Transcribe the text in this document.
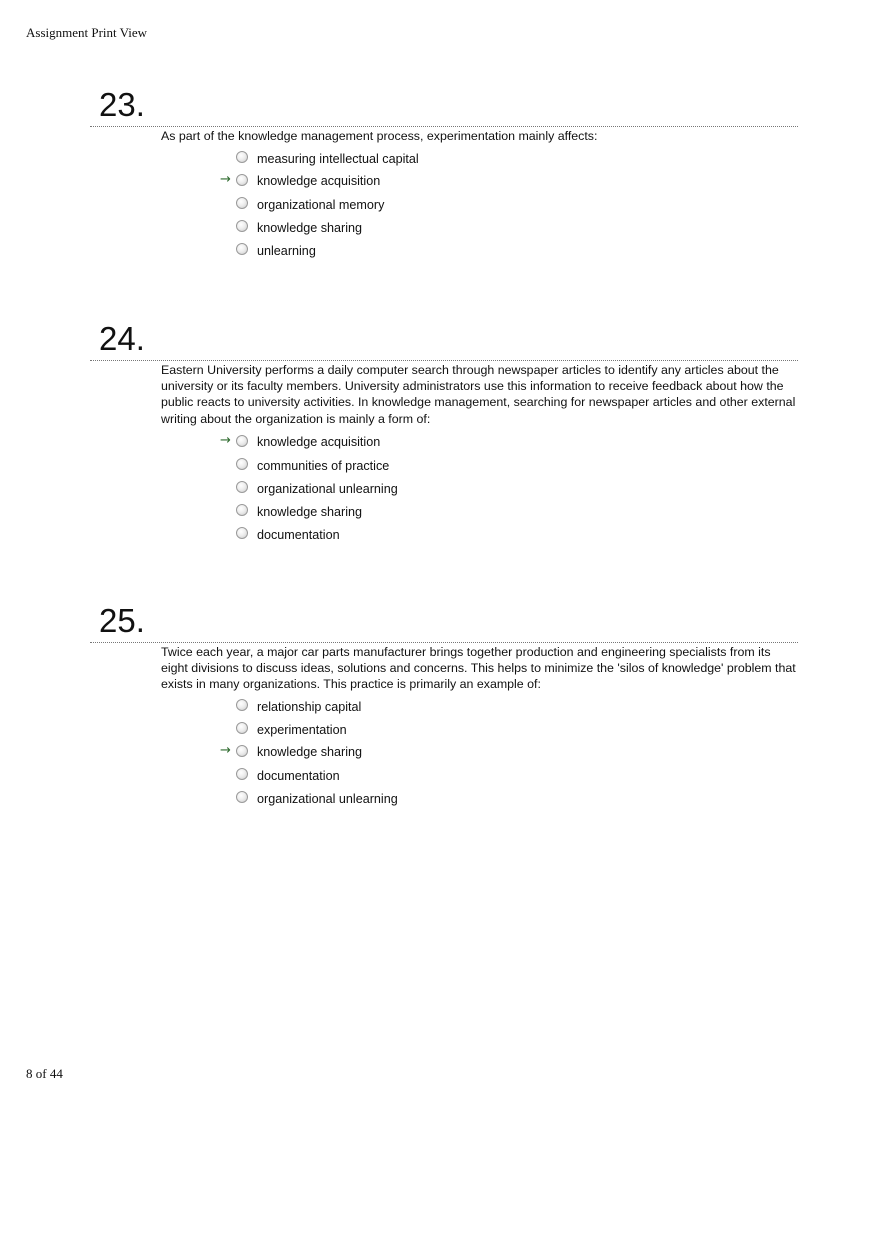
Assignment Print View
23.
As part of the knowledge management process, experimentation mainly affects:
measuring intellectual capital
→ knowledge acquisition
organizational memory
knowledge sharing
unlearning
24.
Eastern University performs a daily computer search through newspaper articles to identify any articles about the university or its faculty members. University administrators use this information to receive feedback about how the public reacts to university activities. In knowledge management, searching for newspaper articles and other external writing about the organization is mainly a form of:
→ knowledge acquisition
communities of practice
organizational unlearning
knowledge sharing
documentation
25.
Twice each year, a major car parts manufacturer brings together production and engineering specialists from its eight divisions to discuss ideas, solutions and concerns. This helps to minimize the 'silos of knowledge' problem that exists in many organizations. This practice is primarily an example of:
relationship capital
experimentation
→ knowledge sharing
documentation
organizational unlearning
8 of 44
